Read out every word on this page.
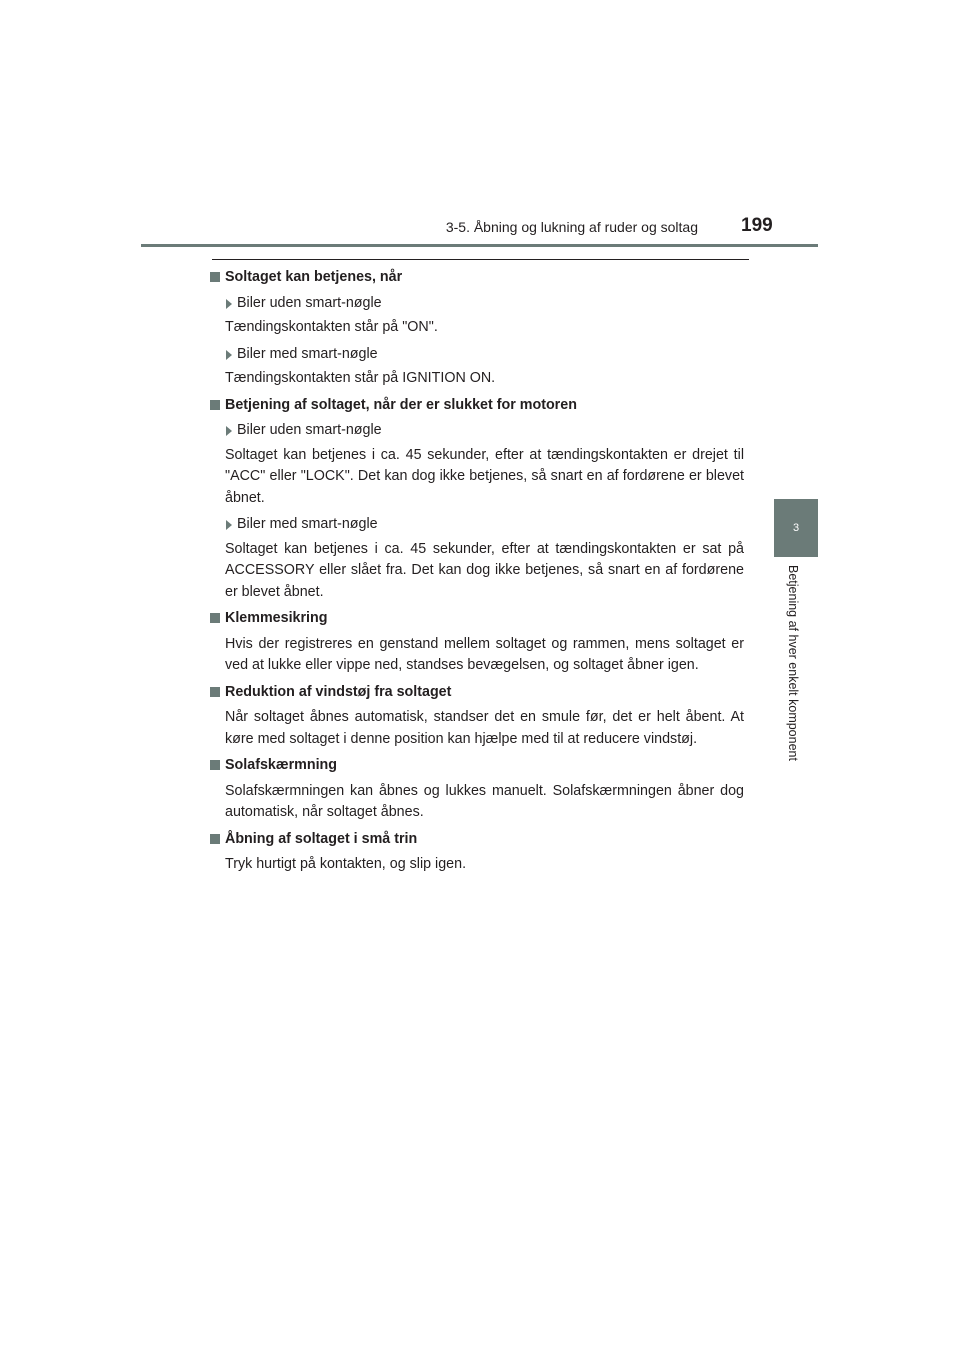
3-5. Åbning og lukning af ruder og soltag 199
3
Betjening af hver enkelt komponent
Soltaget kan betjenes, når
Biler uden smart-nøgle
Tændingskontakten står på "ON".
Biler med smart-nøgle
Tændingskontakten står på IGNITION ON.
Betjening af soltaget, når der er slukket for motoren
Biler uden smart-nøgle
Soltaget kan betjenes i ca. 45 sekunder, efter at tændingskontakten er drejet til "ACC" eller "LOCK". Det kan dog ikke betjenes, så snart en af fordørene er blevet åbnet.
Biler med smart-nøgle
Soltaget kan betjenes i ca. 45 sekunder, efter at tændingskontakten er sat på ACCESSORY eller slået fra. Det kan dog ikke betjenes, så snart en af fordørene er blevet åbnet.
Klemmesikring
Hvis der registreres en genstand mellem soltaget og rammen, mens soltaget er ved at lukke eller vippe ned, standses bevægelsen, og soltaget åbner igen.
Reduktion af vindstøj fra soltaget
Når soltaget åbnes automatisk, standser det en smule før, det er helt åbent. At køre med soltaget i denne position kan hjælpe med til at reducere vindstøj.
Solafskærmning
Solafskærmningen kan åbnes og lukkes manuelt. Solafskærmningen åbner dog automatisk, når soltaget åbnes.
Åbning af soltaget i små trin
Tryk hurtigt på kontakten, og slip igen.
